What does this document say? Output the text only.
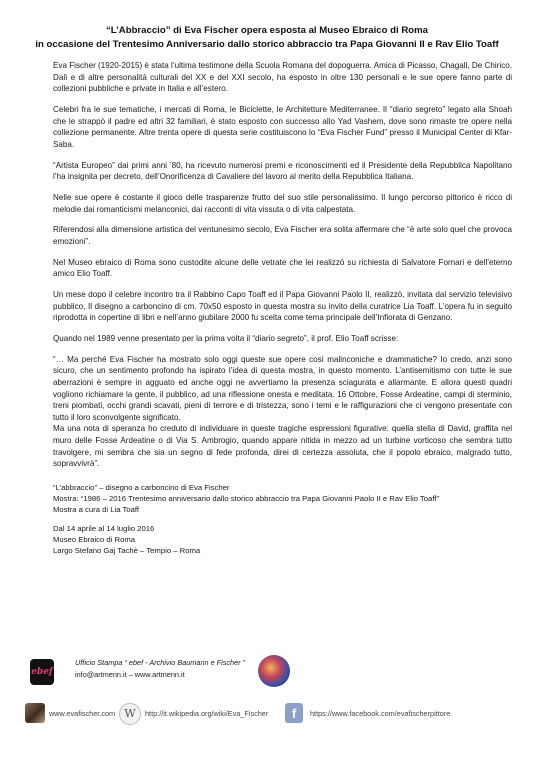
“L’Abbraccio” di Eva Fischer opera esposta al Museo Ebraico di Roma
in occasione del Trentesimo Anniversario dallo storico abbraccio tra Papa Giovanni II e Rav Elio Toaff

Eva Fischer (1920-2015) è stata l’ultima testimone della Scuola Romana del dopoguerra. Amica di Picasso, Chagall, De Chirico, Dalì e di altre personalità culturali del XX e del XXI secolo, ha esposto in oltre 130 personali e le sue opere fanno parte di collezioni pubbliche e private in Italia e all’estero.

Celebri fra le sue tematiche, i mercati di Roma, le Biciclette, le Architetture Mediterranee. Il “diario segreto” legato alla Shoah che le strappò il padre ed altri 32 familiari, è stato esposto con successo allo Yad Vashem, dove sono rimaste tre opere nella collezione permanente. Altre trenta opere di questa serie costituiscono lo “Eva Fischer Fund” presso il Municipal Center di Kfar-Saba.

“Artista Europeo” dai primi anni ’80, ha ricevuto numerosi premi e riconoscimenti ed il Presidente della Repubblica Napolitano l’ha insignita per decreto, dell’Onorificenza di Cavaliere del lavoro al merito della Repubblica Italiana.

Nelle sue opere è costante il gioco delle trasparenze frutto del suo stile personalissimo. Il lungo percorso pittorico è ricco di melodie dai romanticismi melanconici, dai racconti di vita vissuta o di vita calpestata.

Riferendosi alla dimensione artistica del ventunesimo secolo, Eva Fischer era solita affermare che “è arte solo quel che provoca emozioni”.

Nel Museo ebraico di Roma sono custodite alcune delle vetrate che lei realizzò su richiesta di Salvatore Fornari e dell’eterno amico Elio Toaff.

Un mese dopo il celebre incontro tra il Rabbino Capo Toaff ed il Papa Giovanni Paolo II, realizzò, invitata dal servizio televisivo pubblico, Il disegno a carboncino di cm. 70x50 esposto in questa mostra su invito della curatrice Lia Toaff. L’opera fu in seguito riprodotta in copertine di libri e nell’anno giubilare 2000 fu scelta come tema principale dell’Infiorata di Genzano.

Quando nel 1989 venne presentato per la prima volta il “diario segreto”, il prof. Elio Toaff scrisse:

“… Ma perché Eva Fischer ha mostrato solo oggi queste sue opere così malinconiche e drammatiche? Io credo, anzi sono sicuro, che un sentimento profondo ha ispirato l’idea di questa mostra, in questo momento. L’antisemitismo con tutte le sue aberrazioni è sempre in agguato ed anche oggi ne avvertiamo la presenza sciagurata e allarmante. E allora questi quadri vogliono richiamare la gente, il pubblico, ad una riflessione onesta e meditata. 16 Ottobre, Fosse Ardeatine, campi di sterminio, treni piombati, occhi grandi scavati, pieni di terrore e di tristezza, sono i temi e le raffigurazioni che ci vengono presentate con tutto il loro sconvolgente significato.

Ma una nota di speranza ho creduto di individuare in queste tragiche espressioni figurative: quella stella di David, graffita nel muro delle Fosse Ardeatine o di Via S. Ambrogio, quando appare nitida in mezzo ad un turbine vorticoso che sembra tutto travolgere, mi sembra che sia un segno di fede profonda, direi di certezza assoluta, che il popolo ebraico, malgrado tutto, sopravvivrà”.

“L’abbraccio” – disegno a carboncino di Eva Fischer
Mostra: “1986 – 2016 Trentesimo anniversario dallo storico abbraccio tra Papa Giovanni Paolo II e Rav Elio Toaff”
Mostra a cura di Lia Toaff
Dal 14 aprile al 14 luglio 2016
Museo Ebraico di Roma
Largo Stefano Gaj Tachè – Tempio – Roma
ebef
Ufficio Stampa “ ebef - Archivio Baumann e Fischer ”
info@artmenn.it – www.artmenn.it
www.evafischer.com W	http://it.wikipedia.org/wiki/Eva_Fischer	f	https://www.facebook.com/evafischerpittore
